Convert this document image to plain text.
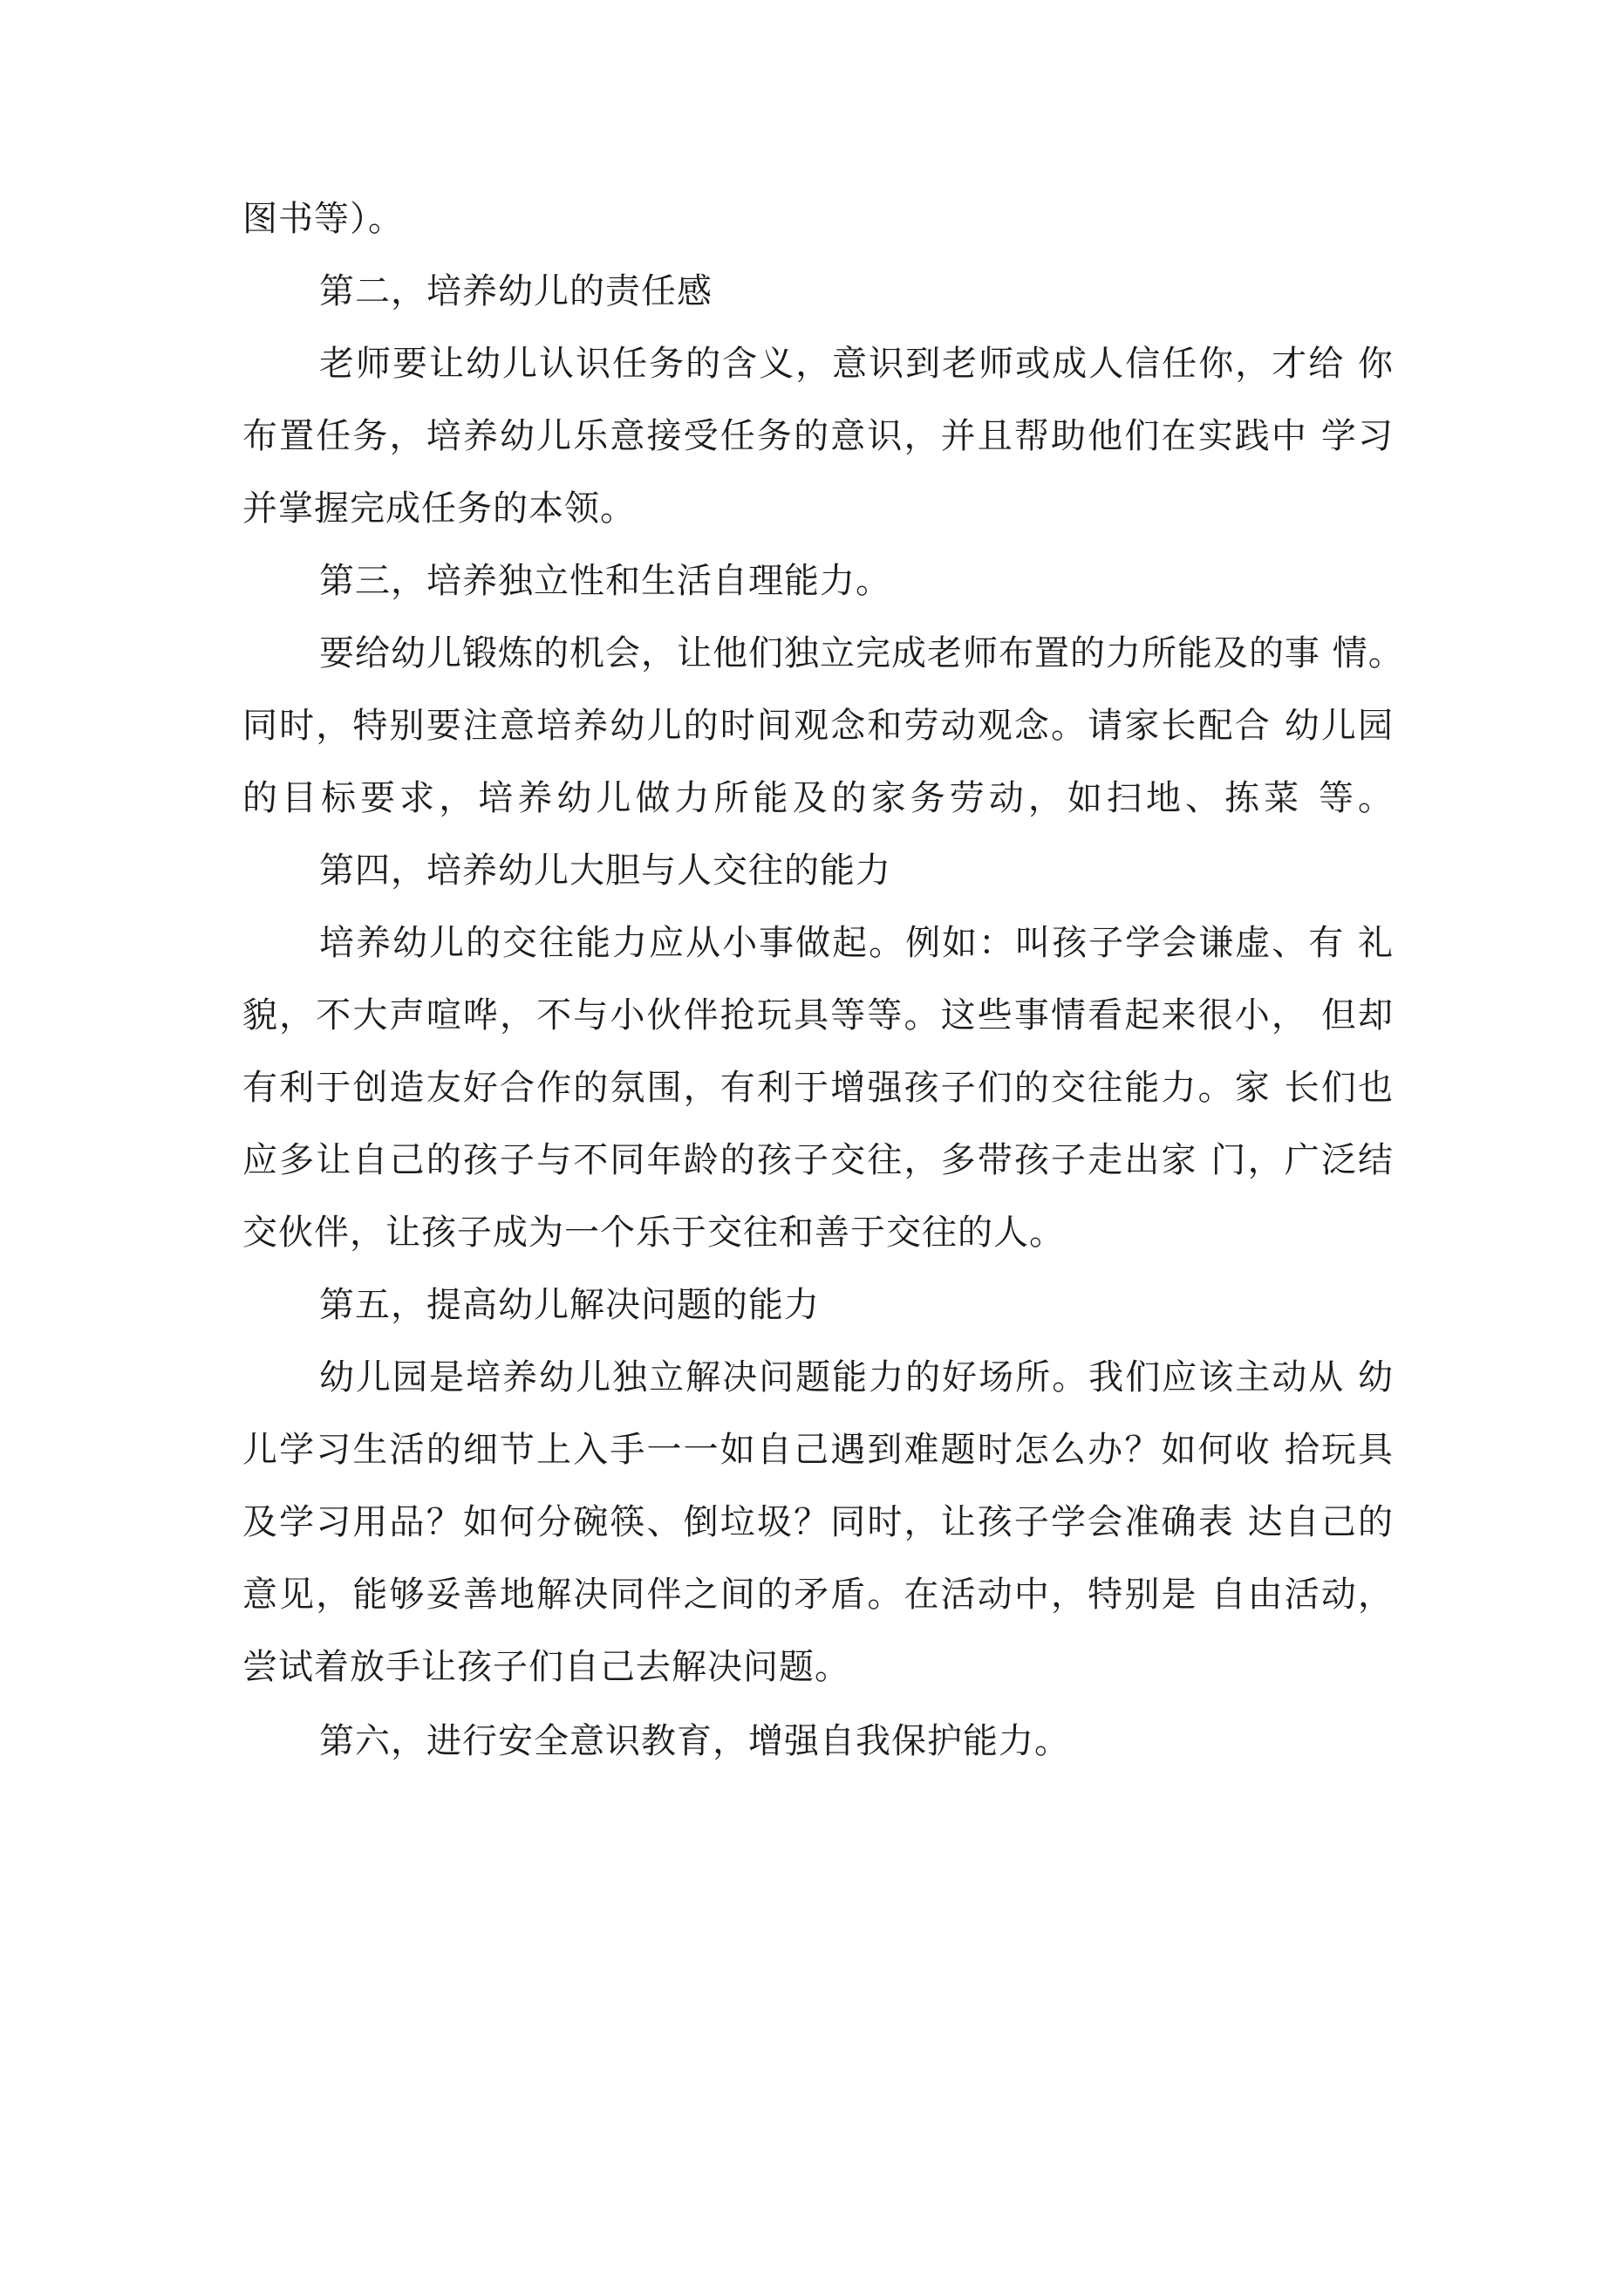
图书等）。
第二，培养幼儿的责任感
老师要让幼儿认识任务的含义，意识到老师或成人信任你，才给 你
布置任务，培养幼儿乐意接受任务的意识，并且帮助他们在实践中 学习
并掌握完成任务的本领。
第三，培养独立性和生活自理能力。
要给幼儿锻炼的机会，让他们独立完成老师布置的力所能及的事 情。
同时，特别要注意培养幼儿的时间观念和劳动观念。请家长配合 幼儿园
的目标要求，培养幼儿做力所能及的家务劳动，如扫地、拣菜 等。
第四，培养幼儿大胆与人交往的能力
培养幼儿的交往能力应从小事做起。例如：叫孩子学会谦虚、有 礼
貌，不大声喧哗，不与小伙伴抢玩具等等。这些事情看起来很小， 但却
有利于创造友好合作的氛围，有利于增强孩子们的交往能力。家 长们也
应多让自己的孩子与不同年龄的孩子交往，多带孩子走出家 门，广泛结
交伙伴，让孩子成为一个乐于交往和善于交往的人。
第五，提高幼儿解决问题的能力
幼儿园是培养幼儿独立解决问题能力的好场所。我们应该主动从 幼
儿学习生活的细节上入手一一如自己遇到难题时怎么办？如何收 拾玩具
及学习用品？如何分碗筷、倒垃圾？同时，让孩子学会准确表 达自己的
意见，能够妥善地解决同伴之间的矛盾。在活动中，特别是 自由活动，
尝试着放手让孩子们自己去解决问题。
第六，进行安全意识教育，增强自我保护能力。
